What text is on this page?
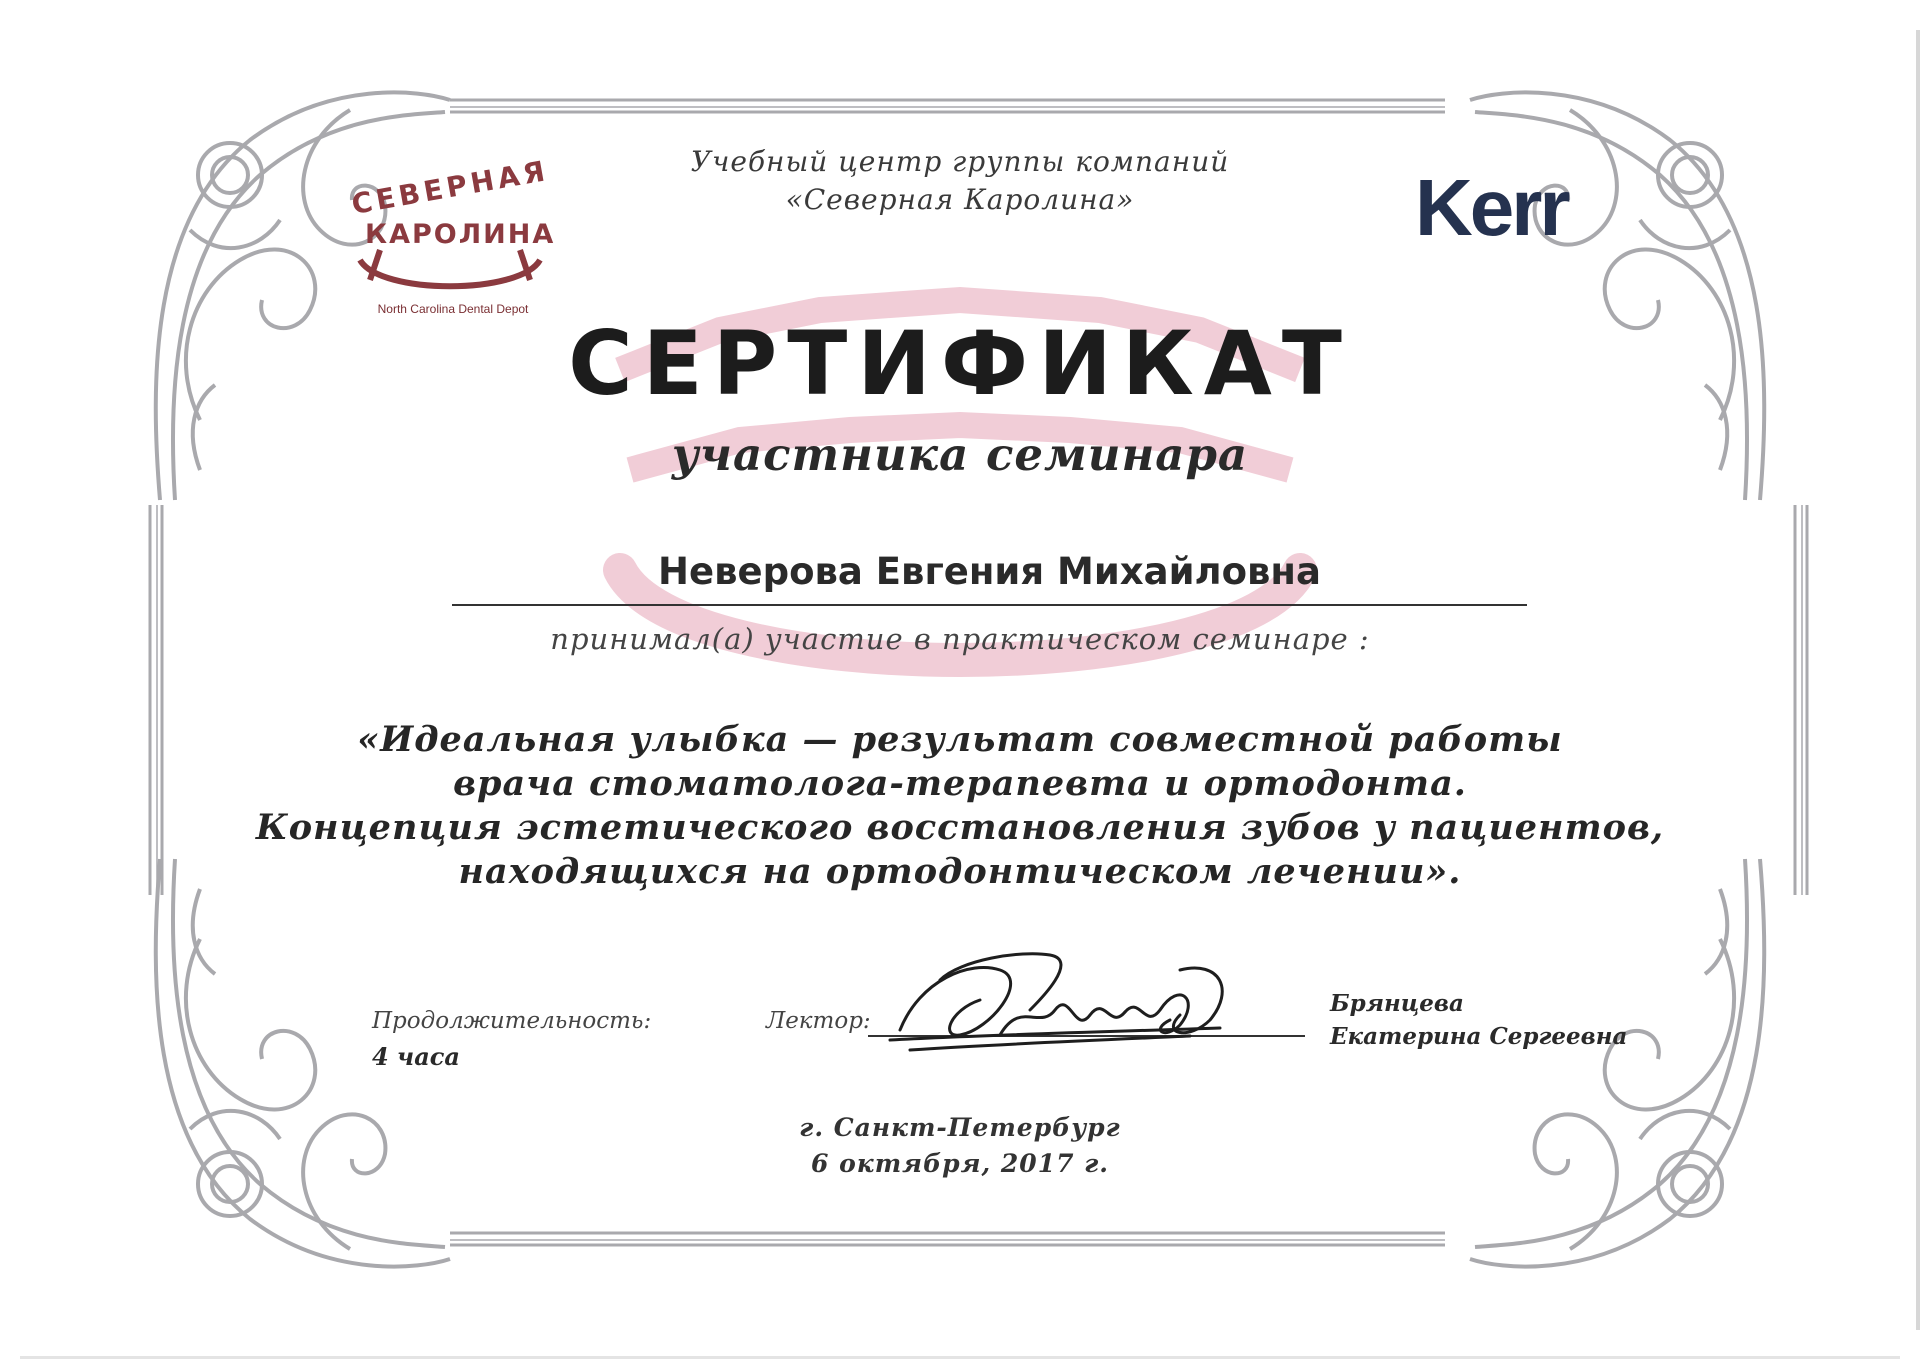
СЕВЕРНАЯ
КАРОЛИНА
North Carolina Dental Depot
Kerr
Учебный центр группы компаний
«Северная Каролина»
СЕРТИФИКАТ
участника семинара
Неверова Евгения Михайловна
принимал(а) участие в практическом семинаре :
«Идеальная улыбка — результат совместной работы
врача стоматолога-терапевта и ортодонта.
Концепция эстетического восстановления зубов у пациентов,
находящихся на ортодонтическом лечении».
Продолжительность:
4 часа
Лектор:
Брянцева
Екатерина Сергеевна
г. Санкт-Петербург
6 октября, 2017 г.
